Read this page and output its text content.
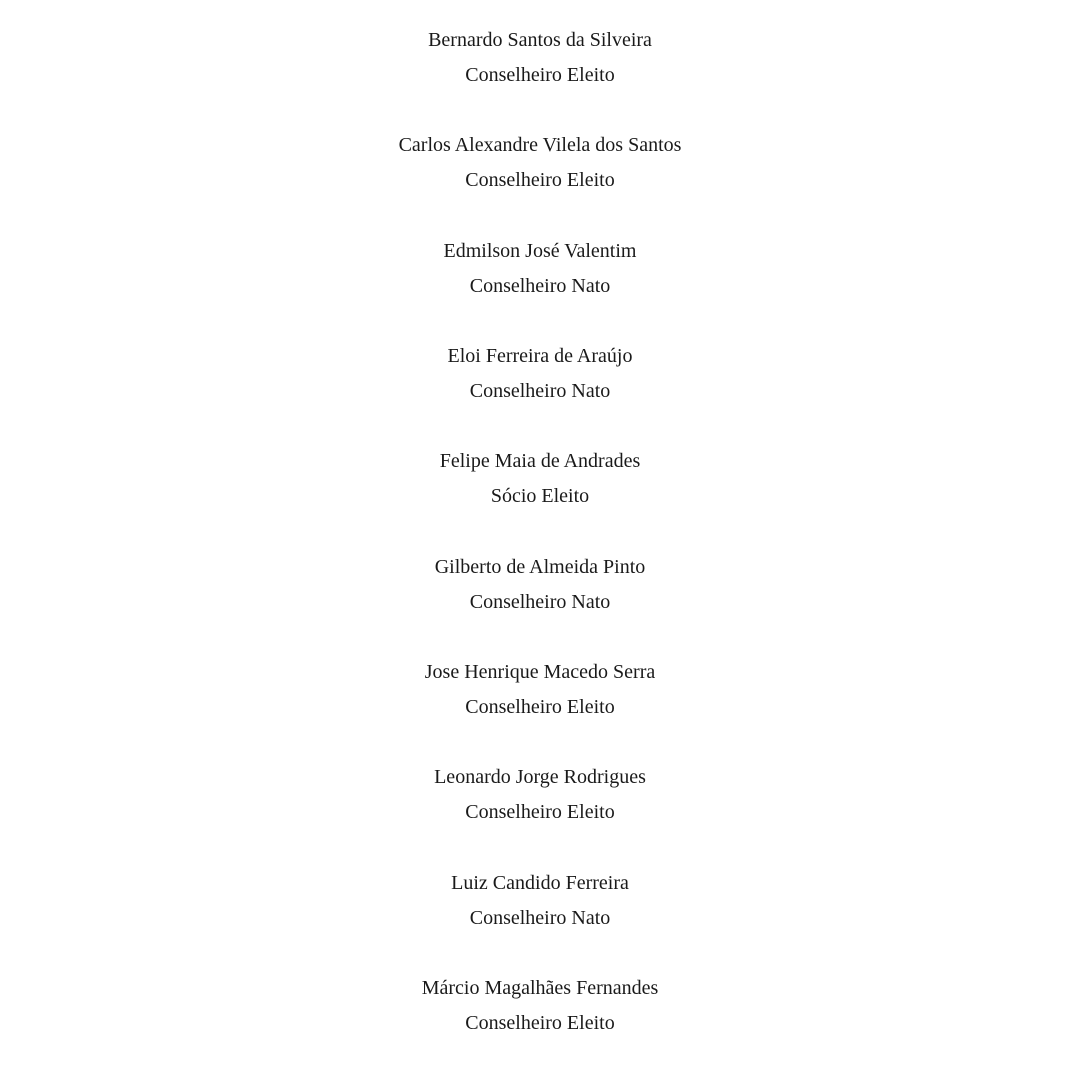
Bernardo Santos da Silveira
Conselheiro Eleito
Carlos Alexandre Vilela dos Santos
Conselheiro Eleito
Edmilson José Valentim
Conselheiro Nato
Eloi Ferreira de Araújo
Conselheiro Nato
Felipe Maia de Andrades
Sócio Eleito
Gilberto de Almeida Pinto
Conselheiro Nato
Jose Henrique Macedo Serra
Conselheiro Eleito
Leonardo Jorge Rodrigues
Conselheiro Eleito
Luiz Candido Ferreira
Conselheiro Nato
Márcio Magalhães Fernandes
Conselheiro Eleito
